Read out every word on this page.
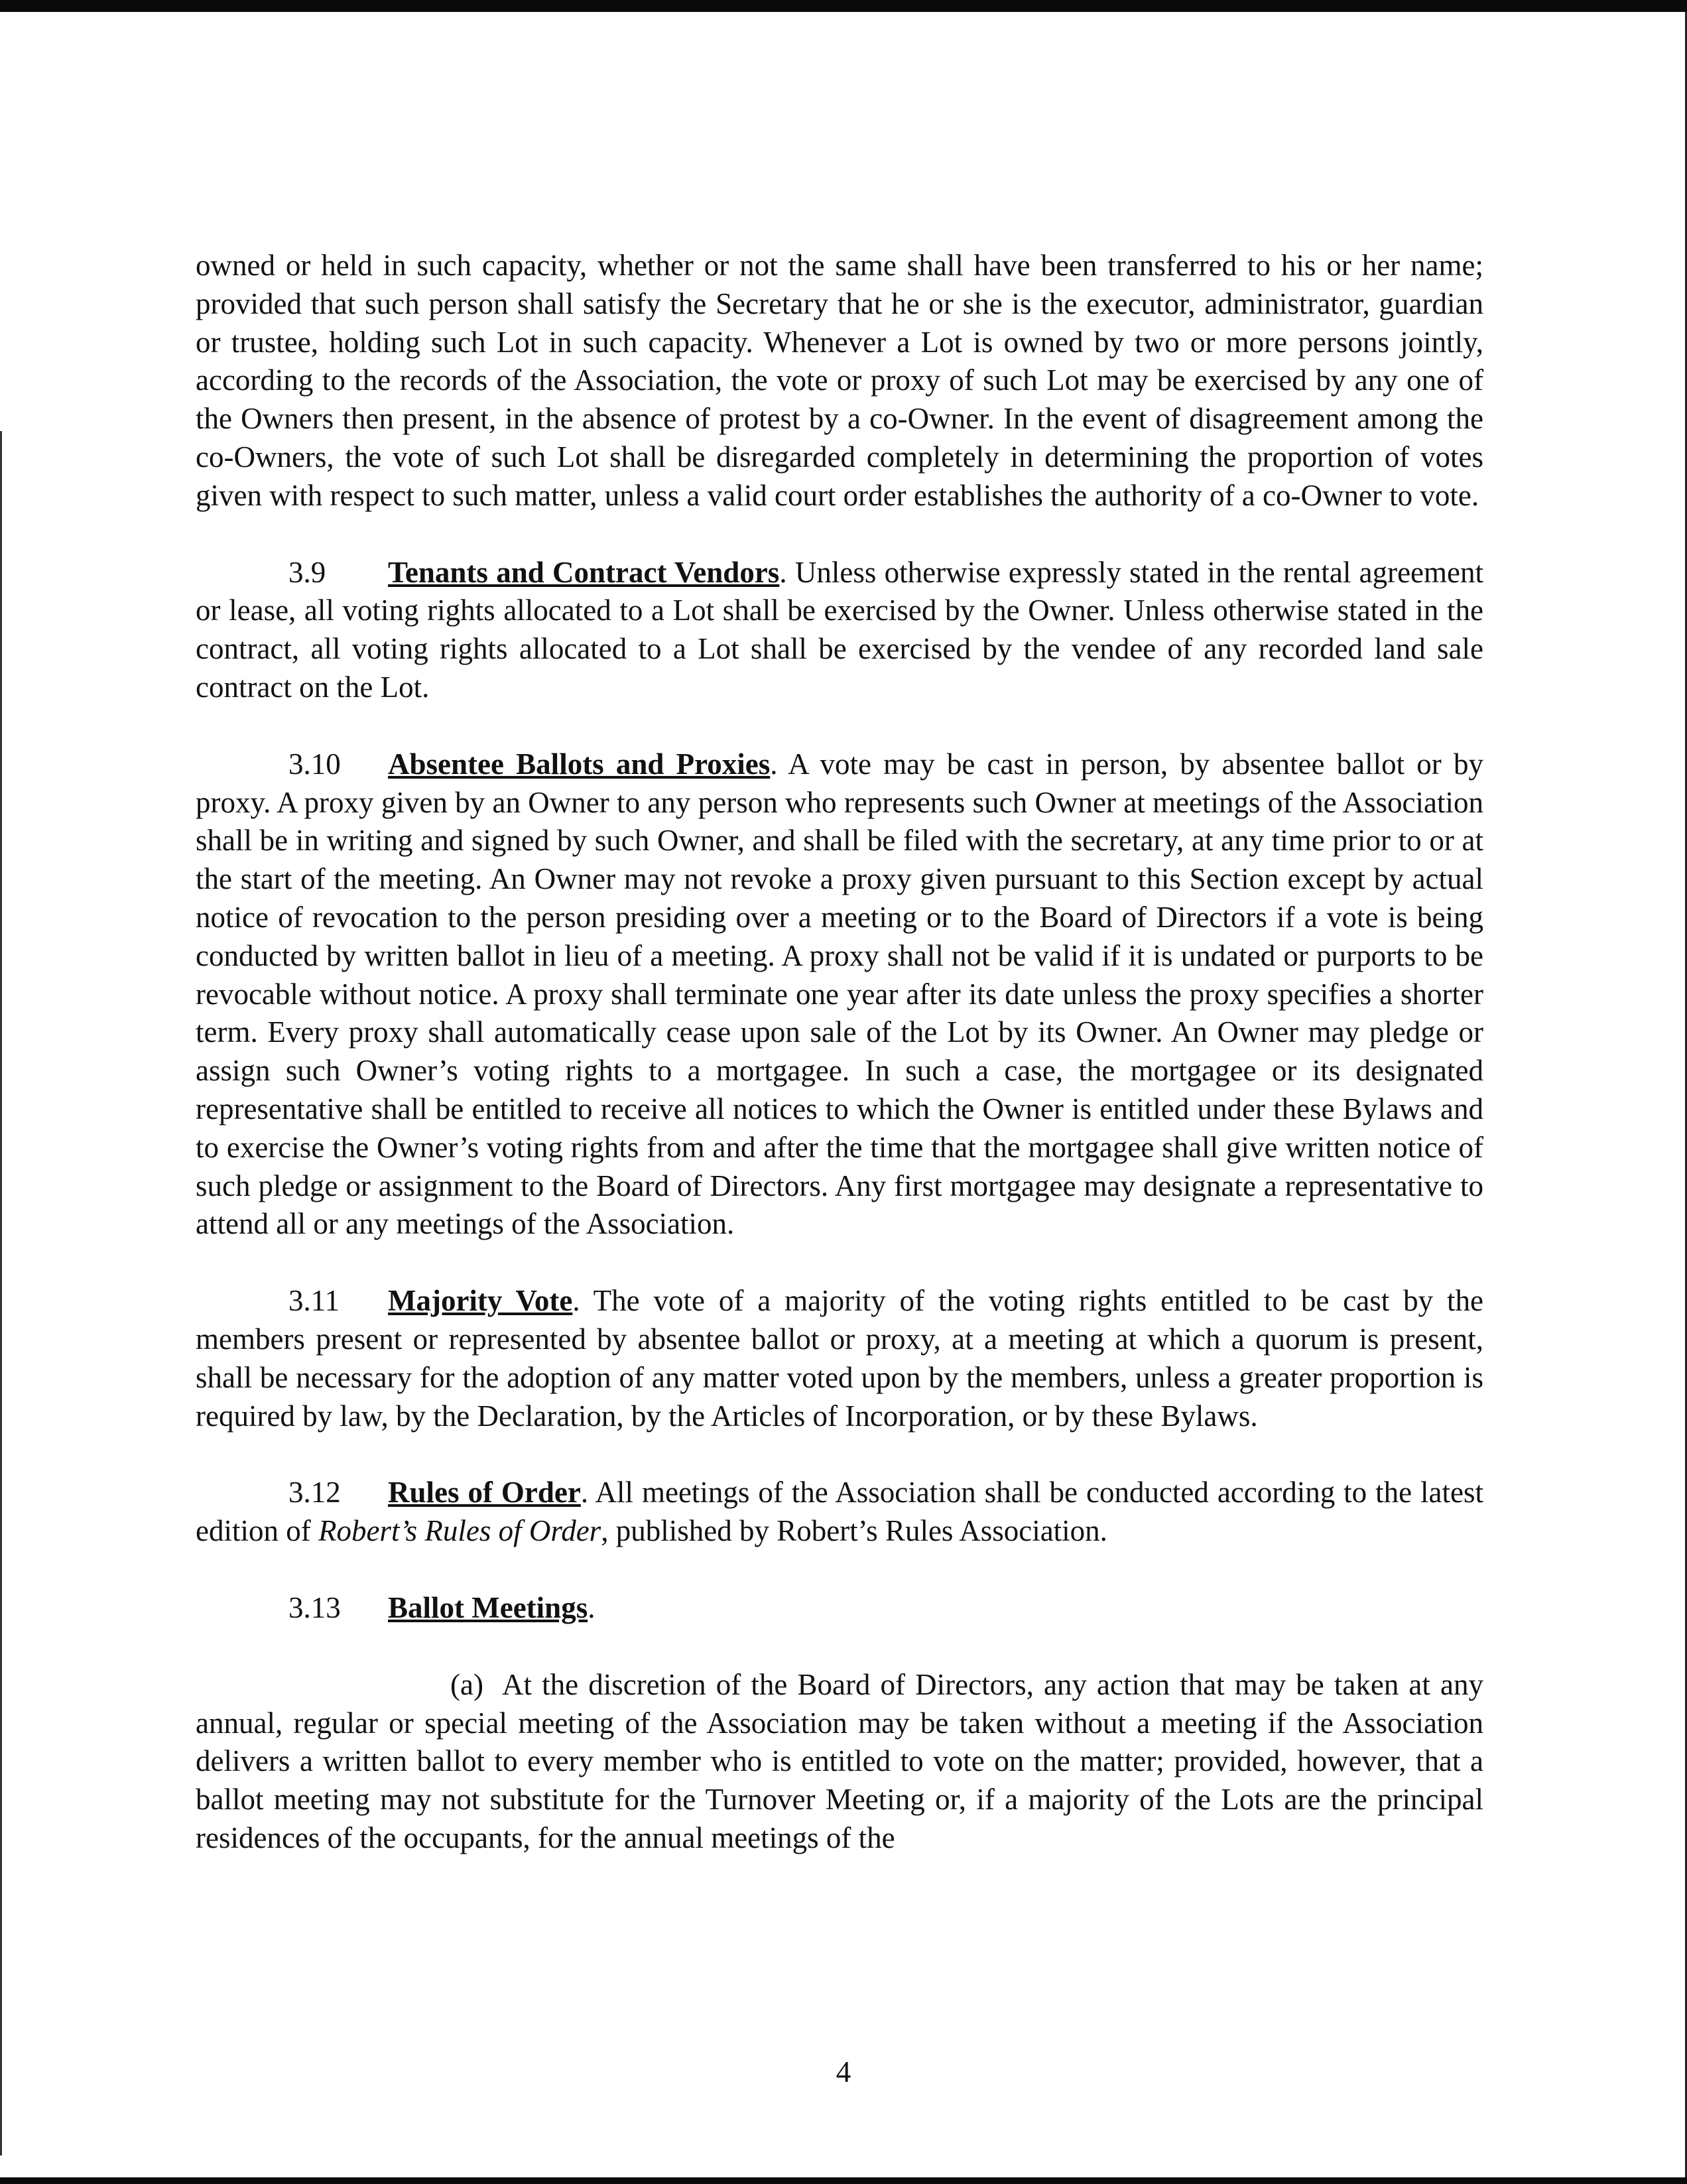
owned or held in such capacity, whether or not the same shall have been transferred to his or her name; provided that such person shall satisfy the Secretary that he or she is the executor, administrator, guardian or trustee, holding such Lot in such capacity. Whenever a Lot is owned by two or more persons jointly, according to the records of the Association, the vote or proxy of such Lot may be exercised by any one of the Owners then present, in the absence of protest by a co-Owner. In the event of disagreement among the co-Owners, the vote of such Lot shall be disregarded completely in determining the proportion of votes given with respect to such matter, unless a valid court order establishes the authority of a co-Owner to vote.

3.9 Tenants and Contract Vendors. Unless otherwise expressly stated in the rental agreement or lease, all voting rights allocated to a Lot shall be exercised by the Owner. Unless otherwise stated in the contract, all voting rights allocated to a Lot shall be exercised by the vendee of any recorded land sale contract on the Lot.

3.10 Absentee Ballots and Proxies. A vote may be cast in person, by absentee ballot or by proxy. A proxy given by an Owner to any person who represents such Owner at meetings of the Association shall be in writing and signed by such Owner, and shall be filed with the secretary, at any time prior to or at the start of the meeting. An Owner may not revoke a proxy given pursuant to this Section except by actual notice of revocation to the person presiding over a meeting or to the Board of Directors if a vote is being conducted by written ballot in lieu of a meeting. A proxy shall not be valid if it is undated or purports to be revocable without notice. A proxy shall terminate one year after its date unless the proxy specifies a shorter term. Every proxy shall automatically cease upon sale of the Lot by its Owner. An Owner may pledge or assign such Owner’s voting rights to a mortgagee. In such a case, the mortgagee or its designated representative shall be entitled to receive all notices to which the Owner is entitled under these Bylaws and to exercise the Owner’s voting rights from and after the time that the mortgagee shall give written notice of such pledge or assignment to the Board of Directors. Any first mortgagee may designate a representative to attend all or any meetings of the Association.

3.11 Majority Vote. The vote of a majority of the voting rights entitled to be cast by the members present or represented by absentee ballot or proxy, at a meeting at which a quorum is present, shall be necessary for the adoption of any matter voted upon by the members, unless a greater proportion is required by law, by the Declaration, by the Articles of Incorporation, or by these Bylaws.

3.12 Rules of Order. All meetings of the Association shall be conducted according to the latest edition of Robert’s Rules of Order, published by Robert’s Rules Association.

3.13 Ballot Meetings.

(a) At the discretion of the Board of Directors, any action that may be taken at any annual, regular or special meeting of the Association may be taken without a meeting if the Association delivers a written ballot to every member who is entitled to vote on the matter; provided, however, that a ballot meeting may not substitute for the Turnover Meeting or, if a majority of the Lots are the principal residences of the occupants, for the annual meetings of the

4
